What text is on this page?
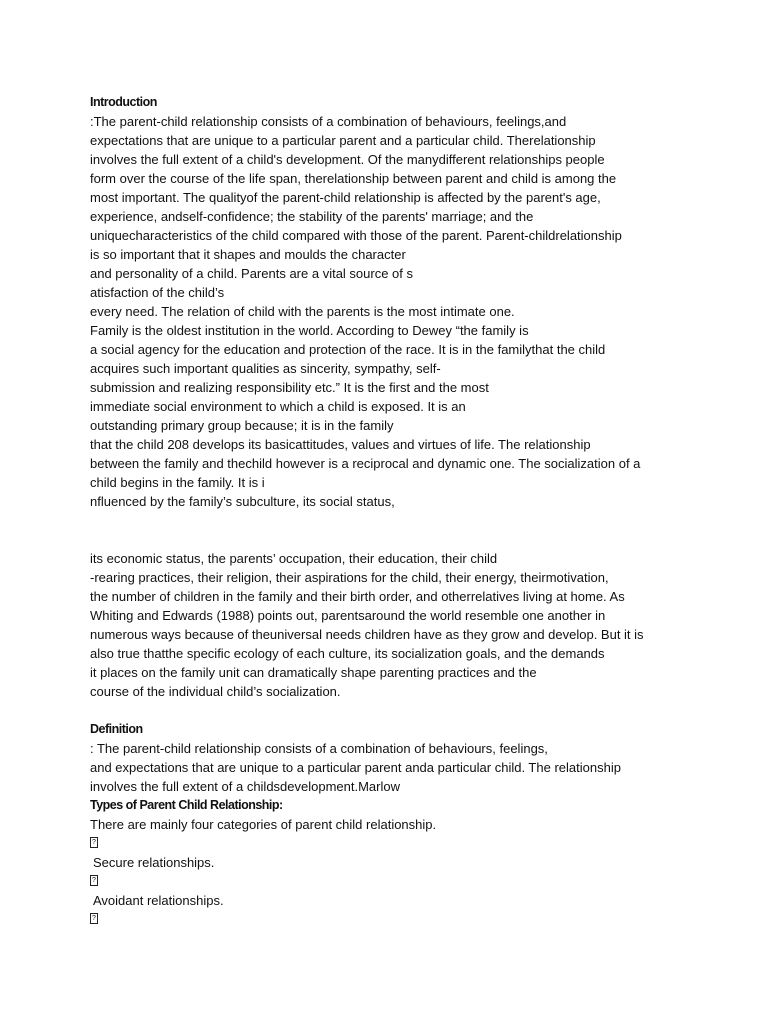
Introduction
:The parent-child relationship consists of a combination of behaviours, feelings,and
expectations that are unique to a particular parent and a particular child. Therelationship
involves the full extent of a child's development. Of the manydifferent relationships people
form over the course of the life span, therelationship between parent and child is among the
most important. The qualityof the parent-child relationship is affected by the parent's age,
experience, andself-confidence; the stability of the parents' marriage; and the
uniquecharacteristics of the child compared with those of the parent. Parent-childrelationship
is so important that it shapes and moulds the character
and personality of a child. Parents are a vital source of s
atisfaction of the child’s
every need. The relation of child with the parents is the most intimate one.
Family is the oldest institution in the world. According to Dewey “the family is
a social agency for the education and protection of the race. It is in the familythat the child
acquires such important qualities as sincerity, sympathy, self-
submission and realizing responsibility etc.” It is the first and the most
immediate social environment to which a child is exposed. It is an
outstanding primary group because; it is in the family
that the child 208 develops its basicattitudes, values and virtues of life. The relationship
between the family and thechild however is a reciprocal and dynamic one. The socialization of a
child begins in the family. It is i
nfluenced by the family’s subculture, its social status,
its economic status, the parents’ occupation, their education, their child
-rearing practices, their religion, their aspirations for the child, their energy, theirmotivation,
the number of children in the family and their birth order, and otherrelatives living at home. As
Whiting and Edwards (1988) points out, parentsaround the world resemble one another in
numerous ways because of theuniversal needs children have as they grow and develop. But it is
also true thatthe specific ecology of each culture, its socialization goals, and the demands
it places on the family unit can dramatically shape parenting practices and the
course of the individual child’s socialization.
Definition
: The parent-child relationship consists of a combination of behaviours, feelings,
and expectations that are unique to a particular parent anda particular child. The relationship
involves the full extent of a childsdevelopment.Marlow
Types of Parent Child Relationship:
There are mainly four categories of parent child relationship.
?
Secure relationships.
?
Avoidant relationships.
?
